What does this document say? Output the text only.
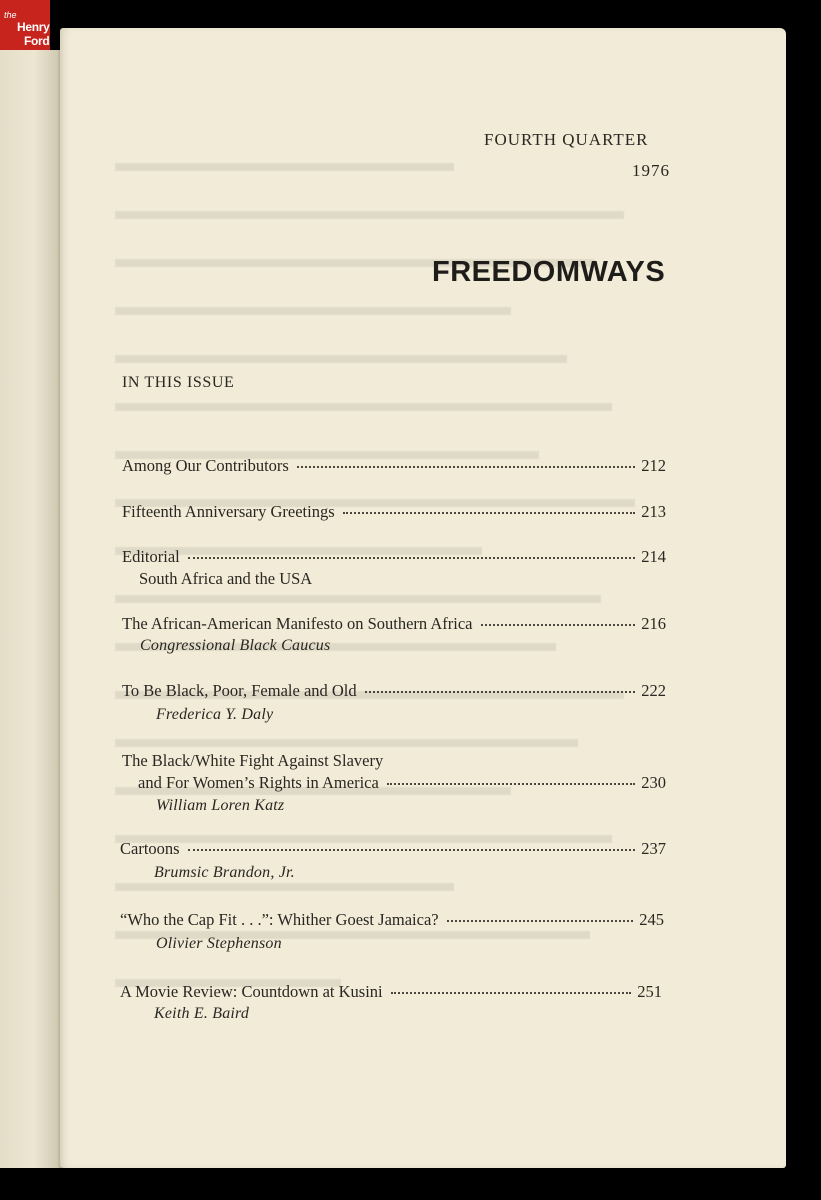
the
Henry
Ford
FOURTH QUARTER
1976
FREEDOMWAYS
IN THIS ISSUE
Among Our Contributors	212
Fifteenth Anniversary Greetings	213
Editorial	214
South Africa and the USA
The African-American Manifesto on Southern Africa	216
Congressional Black Caucus
To Be Black, Poor, Female and Old	222
Frederica Y. Daly
The Black/White Fight Against Slavery
and For Women’s Rights in America	230
William Loren Katz
Cartoons	237
Brumsic Brandon, Jr.
“Who the Cap Fit . . .”: Whither Goest Jamaica?	245
Olivier Stephenson
A Movie Review: Countdown at Kusini	251
Keith E. Baird
